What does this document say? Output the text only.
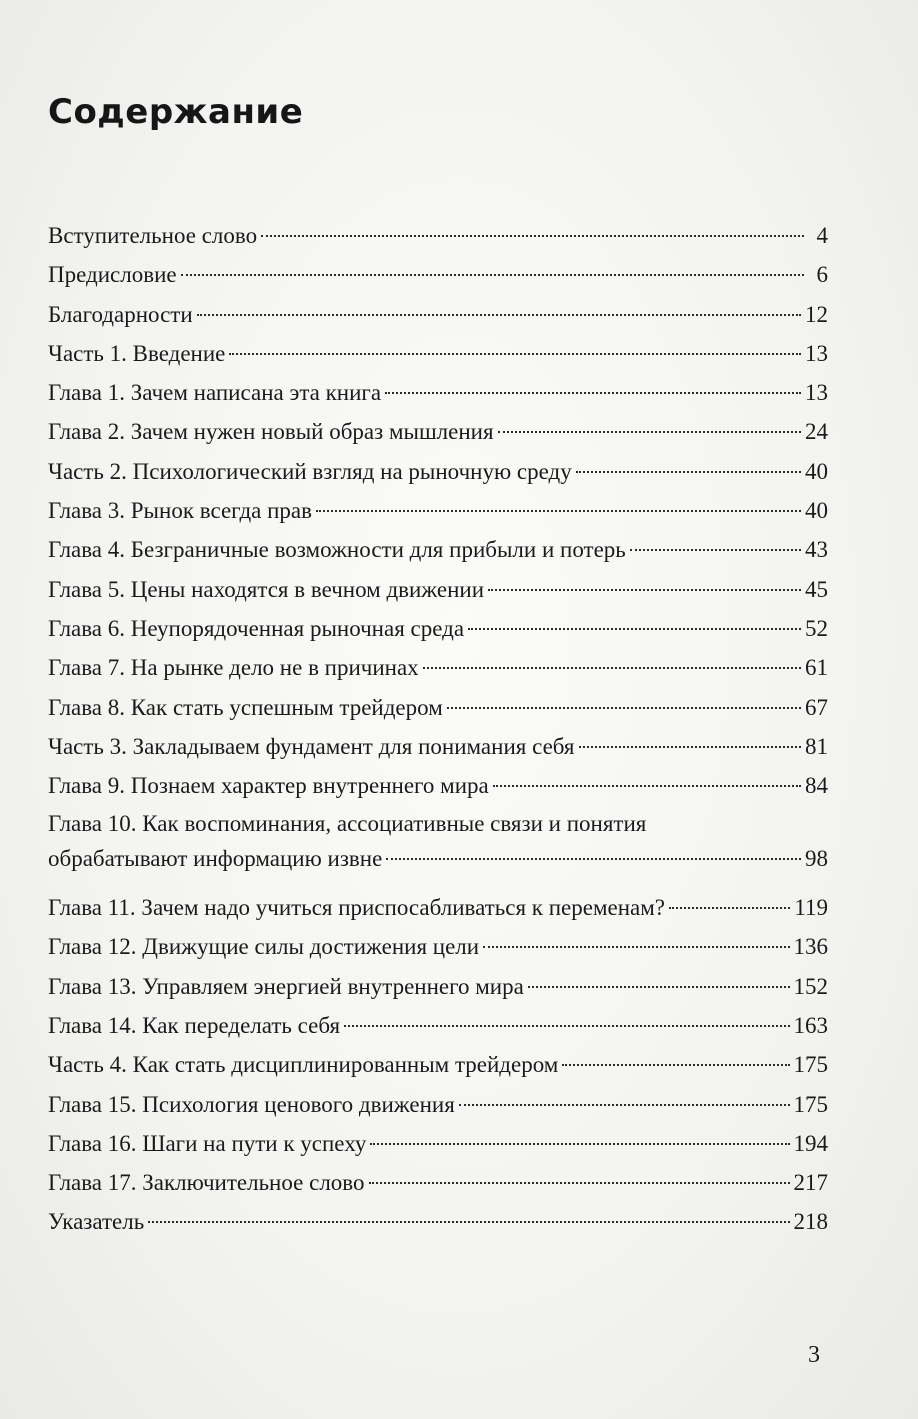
Содержание
Вступительное слово	4
Предисловие	6
Благодарности	12
Часть 1. Введение	13
Глава 1. Зачем написана эта книга	13
Глава 2. Зачем нужен новый образ мышления	24
Часть 2. Психологический взгляд на рыночную среду	40
Глава 3. Рынок всегда прав	40
Глава 4. Безграничные возможности для прибыли и потерь	43
Глава 5. Цены находятся в вечном движении	45
Глава 6. Неупорядоченная рыночная среда	52
Глава 7. На рынке дело не в причинах	61
Глава 8. Как стать успешным трейдером	67
Часть 3. Закладываем фундамент для понимания себя	81
Глава 9. Познаем характер внутреннего мира	84
Глава 10. Как воспоминания, ассоциативные связи и понятия
обрабатывают информацию извне	98
Глава 11. Зачем надо учиться приспосабливаться к переменам?	119
Глава 12. Движущие силы достижения цели	136
Глава 13. Управляем энергией внутреннего мира	152
Глава 14. Как переделать себя	163
Часть 4. Как стать дисциплинированным трейдером	175
Глава 15. Психология ценового движения	175
Глава 16. Шаги на пути к успеху	194
Глава 17. Заключительное слово	217
Указатель	218
3
